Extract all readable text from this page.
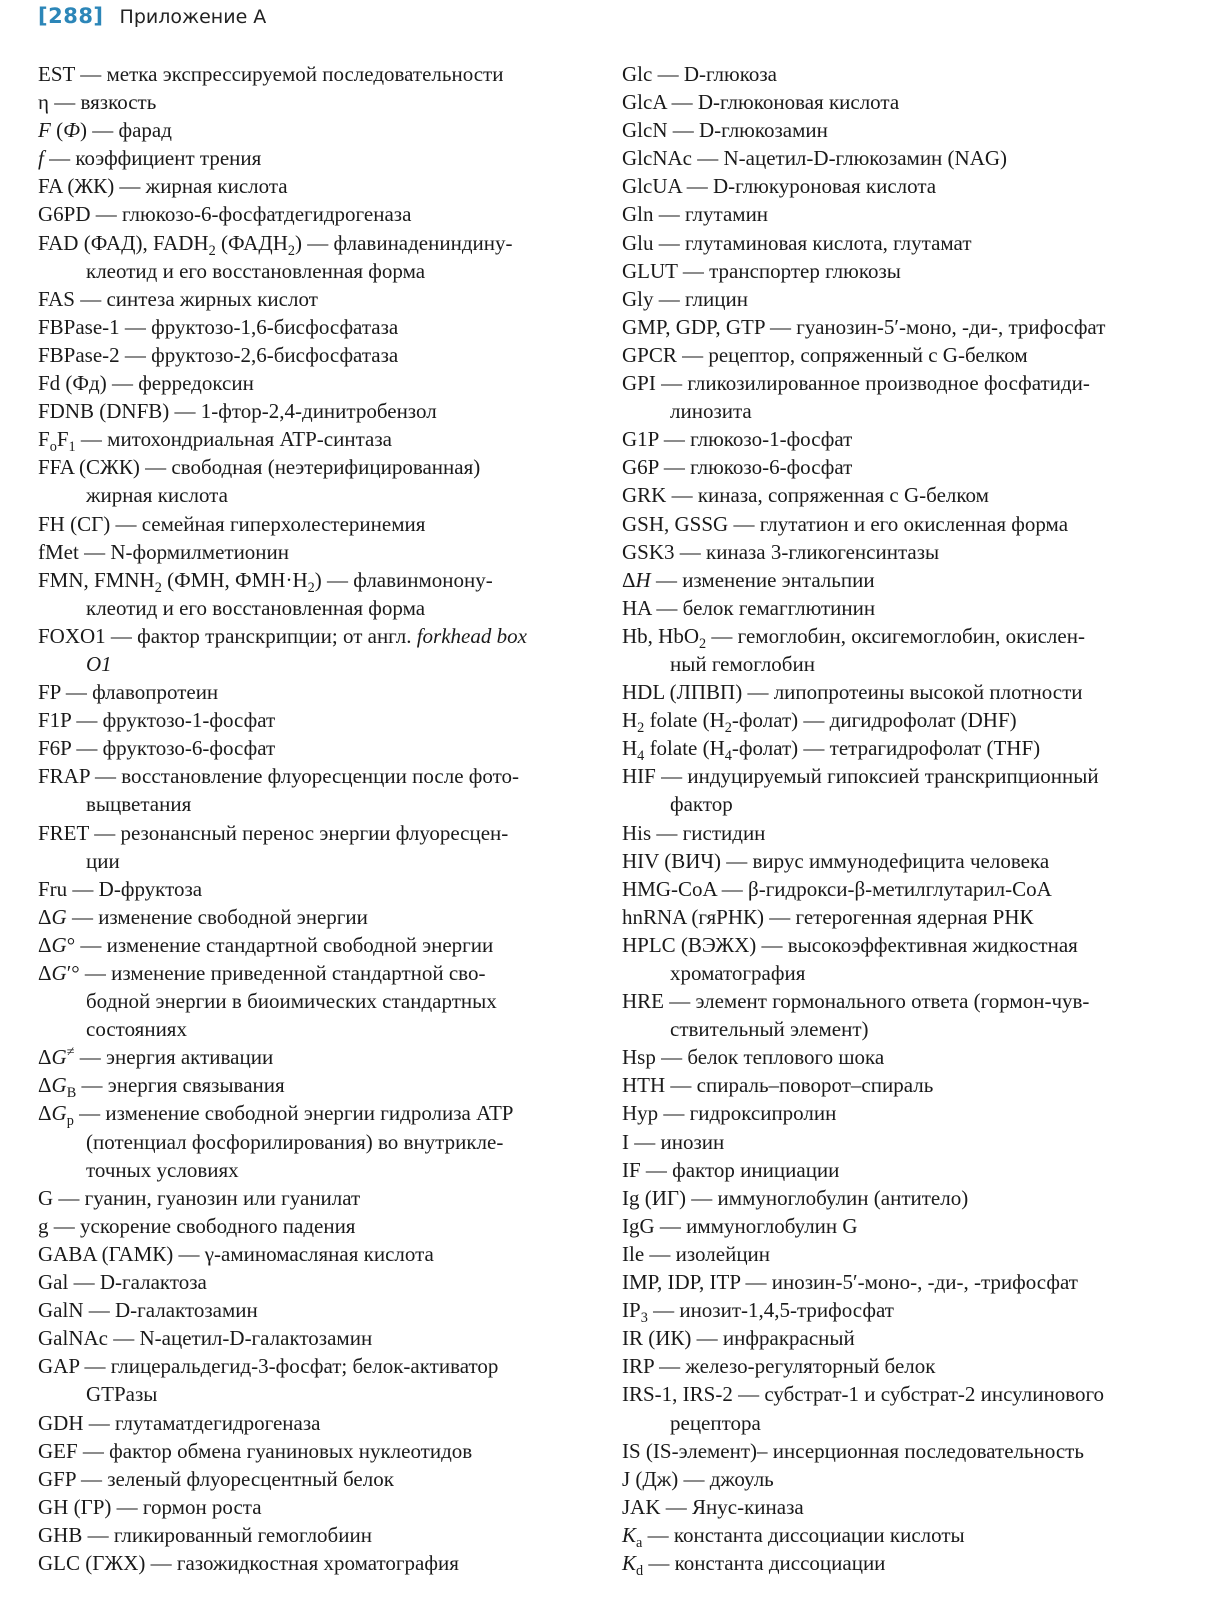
[288] Приложение А
EST — метка экспрессируемой последовательности
η — вязкость
F (Ф) — фарад
f — коэффициент трения
FA (ЖК) — жирная кислота
G6PD — глюкозо-6-фосфатдегидрогеназа
FAD (ФАД), $FADH_2$ $(ФАДН_2)$ — флавинадениндину-
клеотид и его восстановленная форма
FAS — синтеза жирных кислот
FBPase-1 — фруктозо-1,6-бисфосфатаза
FBPase-2 — фруктозо-2,6-бисфосфатаза
Fd (Фд) — ферредоксин
FDNB (DNFB) — 1-фтор-2,4-динитробензол
$F_oF_1$ — митохондриальная ATP-синтаза
FFA (СЖК) — свободная (неэтерифицированная)
жирная кислота
FH (СГ) — семейная гиперхолестеринемия
fMet — N-формилметионин
FMN, $FMNH_2$ (ФМН, $ФМН\cdot Н_2$) — флавинмонону-
клеотид и его восстановленная форма
FOXO1 — фактор транскрипции; от англ. forkhead box
O1
FP — флавопротеин
F1P — фруктозо-1-фосфат
F6P — фруктозо-6-фосфат
FRAP — восстановление флуоресценции после фото-
выцветания
FRET — резонансный перенос энергии флуоресцен-
ции
Fru — D-фруктоза
ΔG — изменение свободной энергии
ΔG° — изменение стандартной свободной энергии
ΔG′° — изменение приведенной стандартной сво-
бодной энергии в биоимических стандартных
состояниях
ΔG≠ — энергия активации
$\Delta G_B$ — энергия связывания
$\Delta G_p$ — изменение свободной энергии гидролиза ATP
(потенциал фосфорилирования) во внутрикле-
точных условиях
G — гуанин, гуанозин или гуанилат
g — ускорение свободного падения
GABA (ГАМК) — γ-аминомасляная кислота
Gal — D-галактоза
GalN — D-галактозамин
GalNAc — N-ацетил-D-галактозамин
GAP — глицеральдегид-3-фосфат; белок-активатор
GTPазы
GDH — глутаматдегидрогеназа
GEF — фактор обмена гуаниновых нуклеотидов
GFP — зеленый флуоресцентный белок
GH (ГР) — гормон роста
GHB — гликированный гемоглобиин
GLC (ГЖХ) — газожидкостная хроматография
Glc — D-глюкоза
GlcA — D-глюконовая кислота
GlcN — D-глюкозамин
GlcNAc — N-ацетил-D-глюкозамин (NAG)
GlcUA — D-глюкуроновая кислота
Gln — глутамин
Glu — глутаминовая кислота, глутамат
GLUT — транспортер глюкозы
Gly — глицин
GMP, GDP, GTP — гуанозин-5′-моно, -ди-, трифосфат
GPCR — рецептор, сопряженный с G-белком
GPI — гликозилированное производное фосфатиди-
линозита
G1P — глюкозо-1-фосфат
G6P — глюкозо-6-фосфат
GRK — киназа, сопряженная с G-белком
GSH, GSSG — глутатион и его окисленная форма
GSK3 — киназа 3-гликогенсинтазы
ΔH — изменение энтальпии
HA — белок гемагглютинин
Hb, HbO$_2$ — гемоглобин, оксигемоглобин, окислен-
ный гемоглобин
HDL (ЛПВП) — липопротеины высокой плотности
$H_2$ folate $(H_2-фолат)$ — дигидрофолат (DHF)
$H_4$ folate $(H_4-фолат)$ — тетрагидрофолат (THF)
HIF — индуцируемый гипоксией транскрипционный
фактор
His — гистидин
HIV (ВИЧ) — вирус иммунодефицита человека
HMG-CoA — β-гидрокси-β-метилглутарил-CoA
hnRNA (гяРНК) — гетерогенная ядерная РНК
HPLC (ВЭЖХ) — высокоэффективная жидкостная
хроматография
HRE — элемент гормонального ответа (гормон-чув-
ствительный элемент)
Hsp — белок теплового шока
HTH — спираль–поворот–спираль
Hyp — гидроксипролин
I — инозин
IF — фактор инициации
Ig (ИГ) — иммуноглобулин (антитело)
IgG — иммуноглобулин G
Ile — изолейцин
IMP, IDP, ITP — инозин-5′-моно-, -ди-, -трифосфат
$IP_3$ — инозит-1,4,5-трифосфат
IR (ИК) — инфракрасный
IRP — железо-регуляторный белок
IRS-1, IRS-2 — субстрат-1 и субстрат-2 инсулинового
рецептора
IS (IS-элемент)– инсерционная последовательность
J (Дж) — джоуль
JAK — Янус-киназа
$K_a$ — константа диссоциации кислоты
$K_d$ — константа диссоциации
